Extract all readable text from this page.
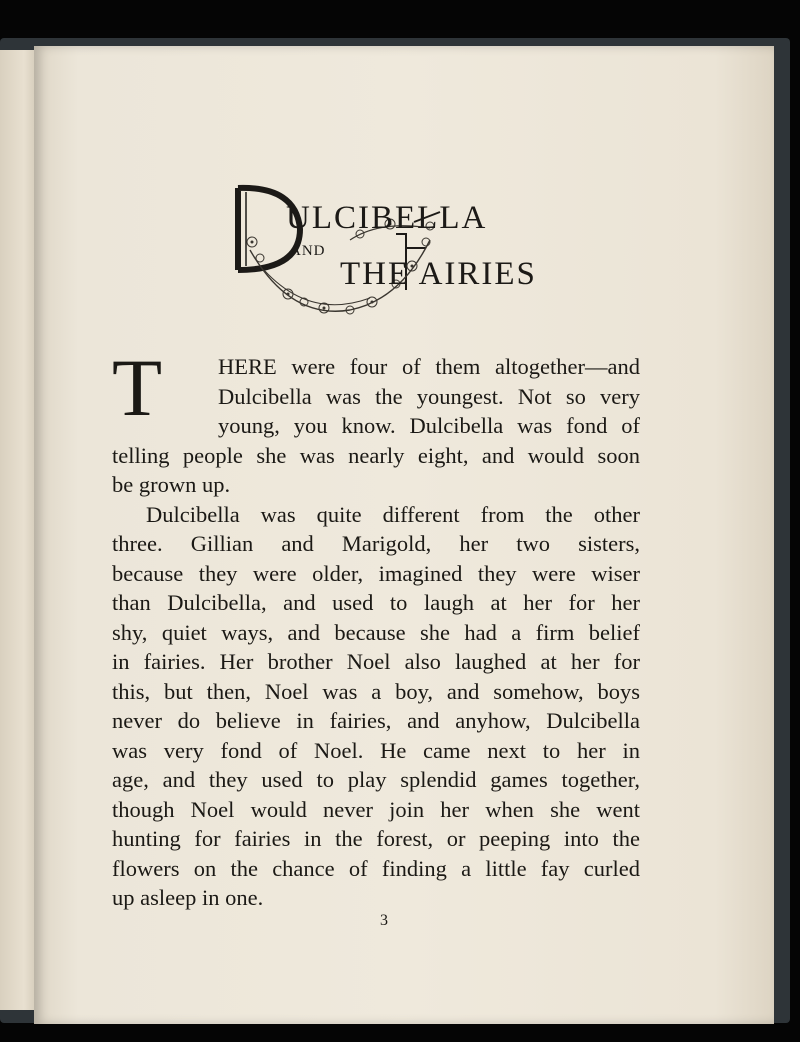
ULCIBELLA
AND
THE AIRIES
T	HERE were four of them altogether—and
Dulcibella was the youngest. Not so very
young, you know. Dulcibella was fond of
telling people she was nearly eight, and would soon
be grown up.
Dulcibella was quite different from the other
three. Gillian and Marigold, her two sisters,
because they were older, imagined they were wiser
than Dulcibella, and used to laugh at her for her
shy, quiet ways, and because she had a firm belief
in fairies. Her brother Noel also laughed at her for
this, but then, Noel was a boy, and somehow, boys
never do believe in fairies, and anyhow, Dulcibella
was very fond of Noel. He came next to her in
age, and they used to play splendid games together,
though Noel would never join her when she went
hunting for fairies in the forest, or peeping into the
flowers on the chance of finding a little fay curled
up asleep in one.
3
